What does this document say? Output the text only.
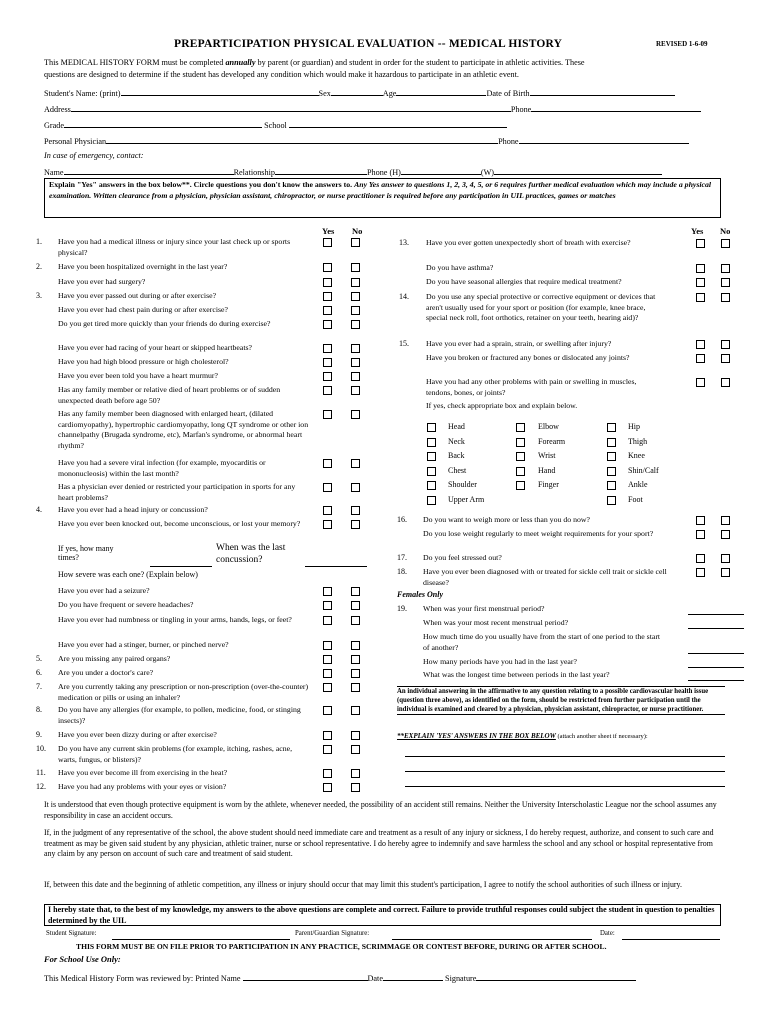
PREPARTICIPATION PHYSICAL EVALUATION -- MEDICAL HISTORY	REVISED 1-6-09
This MEDICAL HISTORY FORM must be completed annually by parent (or guardian) and student in order for the student to participate in athletic activities. These
questions are designed to determine if the student has developed any condition which would make it hazardous to participate in an athletic event.
Student's Name: (print)	Sex	Age	Date of Birth
Address	Phone
Grade	School
Personal Physician	Phone
In case of emergency, contact:
Name	Relationship	Phone (H)	(W)
Explain "Yes" answers in the box below**. Circle questions you don't know the answers to. Any Yes answer to questions 1, 2, 3, 4, 5, or 6 requires further medical evaluation which may include a physical examination. Written clearance from a physician, physician assistant, chiropractor, or nurse practitioner is required before any participation in UIL practices, games or matches
Yes No	Yes No
1. Have you had a medical illness or injury since your last check up or sports physical?
2. Have you been hospitalized overnight in the last year?
Have you ever had surgery?
3. Have you ever passed out during or after exercise?
Have you ever had chest pain during or after exercise?
Do you get tired more quickly than your friends do during exercise?
Have you ever had racing of your heart or skipped heartbeats?
Have you had high blood pressure or high cholesterol?
Have you ever been told you have a heart murmur?
Has any family member or relative died of heart problems or of sudden unexpected death before age 50?
Has any family member been diagnosed with enlarged heart, (dilated cardiomyopathy), hypertrophic cardiomyopathy, long QT syndrome or other ion channelpathy (Brugada syndrome, etc), Marfan's syndrome, or abnormal heart rhythm?
Have you had a severe viral infection (for example, myocarditis or mononucleosis) within the last month?
Has a physician ever denied or restricted your participation in sports for any heart problems?
4. Have you ever had a head injury or concussion?
Have you ever been knocked out, become unconscious, or lost your memory?
Have you ever had a seizure?
Do you have frequent or severe headaches?
Have you ever had numbness or tingling in your arms, hands, legs, or feet?
Have you ever had a stinger, burner, or pinched nerve?
5. Are you missing any paired organs?
6. Are you under a doctor's care?
7. Are you currently taking any prescription or non-prescription (over-the-counter) medication or pills or using an inhaler?
8. Do you have any allergies (for example, to pollen, medicine, food, or stinging insects)?
9. Have you ever been dizzy during or after exercise?
10. Do you have any current skin problems (for example, itching, rashes, acne, warts, fungus, or blisters)?
11. Have you ever become ill from exercising in the heat?
12. Have you had any problems with your eyes or vision?
13. Have you ever gotten unexpectedly short of breath with exercise?
Do you have asthma?
Do you have seasonal allergies that require medical treatment?
14. Do you use any special protective or corrective equipment or devices that aren't usually used for your sport or position (for example, knee brace, special neck roll, foot orthotics, retainer on your teeth, hearing aid)?
15. Have you ever had a sprain, strain, or swelling after injury?
Have you broken or fractured any bones or dislocated any joints?
Have you had any other problems with pain or swelling in muscles, tendons, bones, or joints?
If yes, check appropriate box and explain below.
16. Do you want to weigh more or less than you do now?
Do you lose weight regularly to meet weight requirements for your sport?
17. Do you feel stressed out?
18. Have you ever been diagnosed with or treated for sickle cell trait or sickle cell disease?
If yes, how many
times?
When was the last
concussion?
How severe was each one? (Explain below)
Head	Elbow	Hip
Neck	Forearm	Thigh
Back	Wrist	Knee
Chest	Hand	Shin/Calf
Shoulder	Finger	Ankle
Upper Arm	Foot
Females Only
19. When was your first menstrual period?
When was your most recent menstrual period?
How much time do you usually have from the start of one period to the start of another?
How many periods have you had in the last year?
What was the longest time between periods in the last year?
An individual answering in the affirmative to any question relating to a possible cardiovascular health issue (question three above), as identified on the form, should be restricted from further participation until the individual is examined and cleared by a physician, physician assistant, chiropractor, or nurse practitioner.
**EXPLAIN 'YES' ANSWERS IN THE BOX BELOW (attach another sheet if necessary):
It is understood that even though protective equipment is worn by the athlete, whenever needed, the possibility of an accident still remains. Neither the University Interscholastic League nor the school assumes any responsibility in case an accident occurs.
If, in the judgment of any representative of the school, the above student should need immediate care and treatment as a result of any injury or sickness, I do hereby request, authorize, and consent to such care and treatment as may be given said student by any physician, athletic trainer, nurse or school representative. I do hereby agree to indemnify and save harmless the school and any school or hospital representative from any claim by any person on account of such care and treatment of said student.
If, between this date and the beginning of athletic competition, any illness or injury should occur that may limit this student's participation, I agree to notify the school authorities of such illness or injury.
I hereby state that, to the best of my knowledge, my answers to the above questions are complete and correct. Failure to provide truthful responses could subject the student in question to penalties determined by the UIL
Student Signature:	Parent/Guardian Signature:	Date:
THIS FORM MUST BE ON FILE PRIOR TO PARTICIPATION IN ANY PRACTICE, SCRIMMAGE OR CONTEST BEFORE, DURING OR AFTER SCHOOL.
For School Use Only:
This Medical History Form was reviewed by: Printed Name	Date	Signature
